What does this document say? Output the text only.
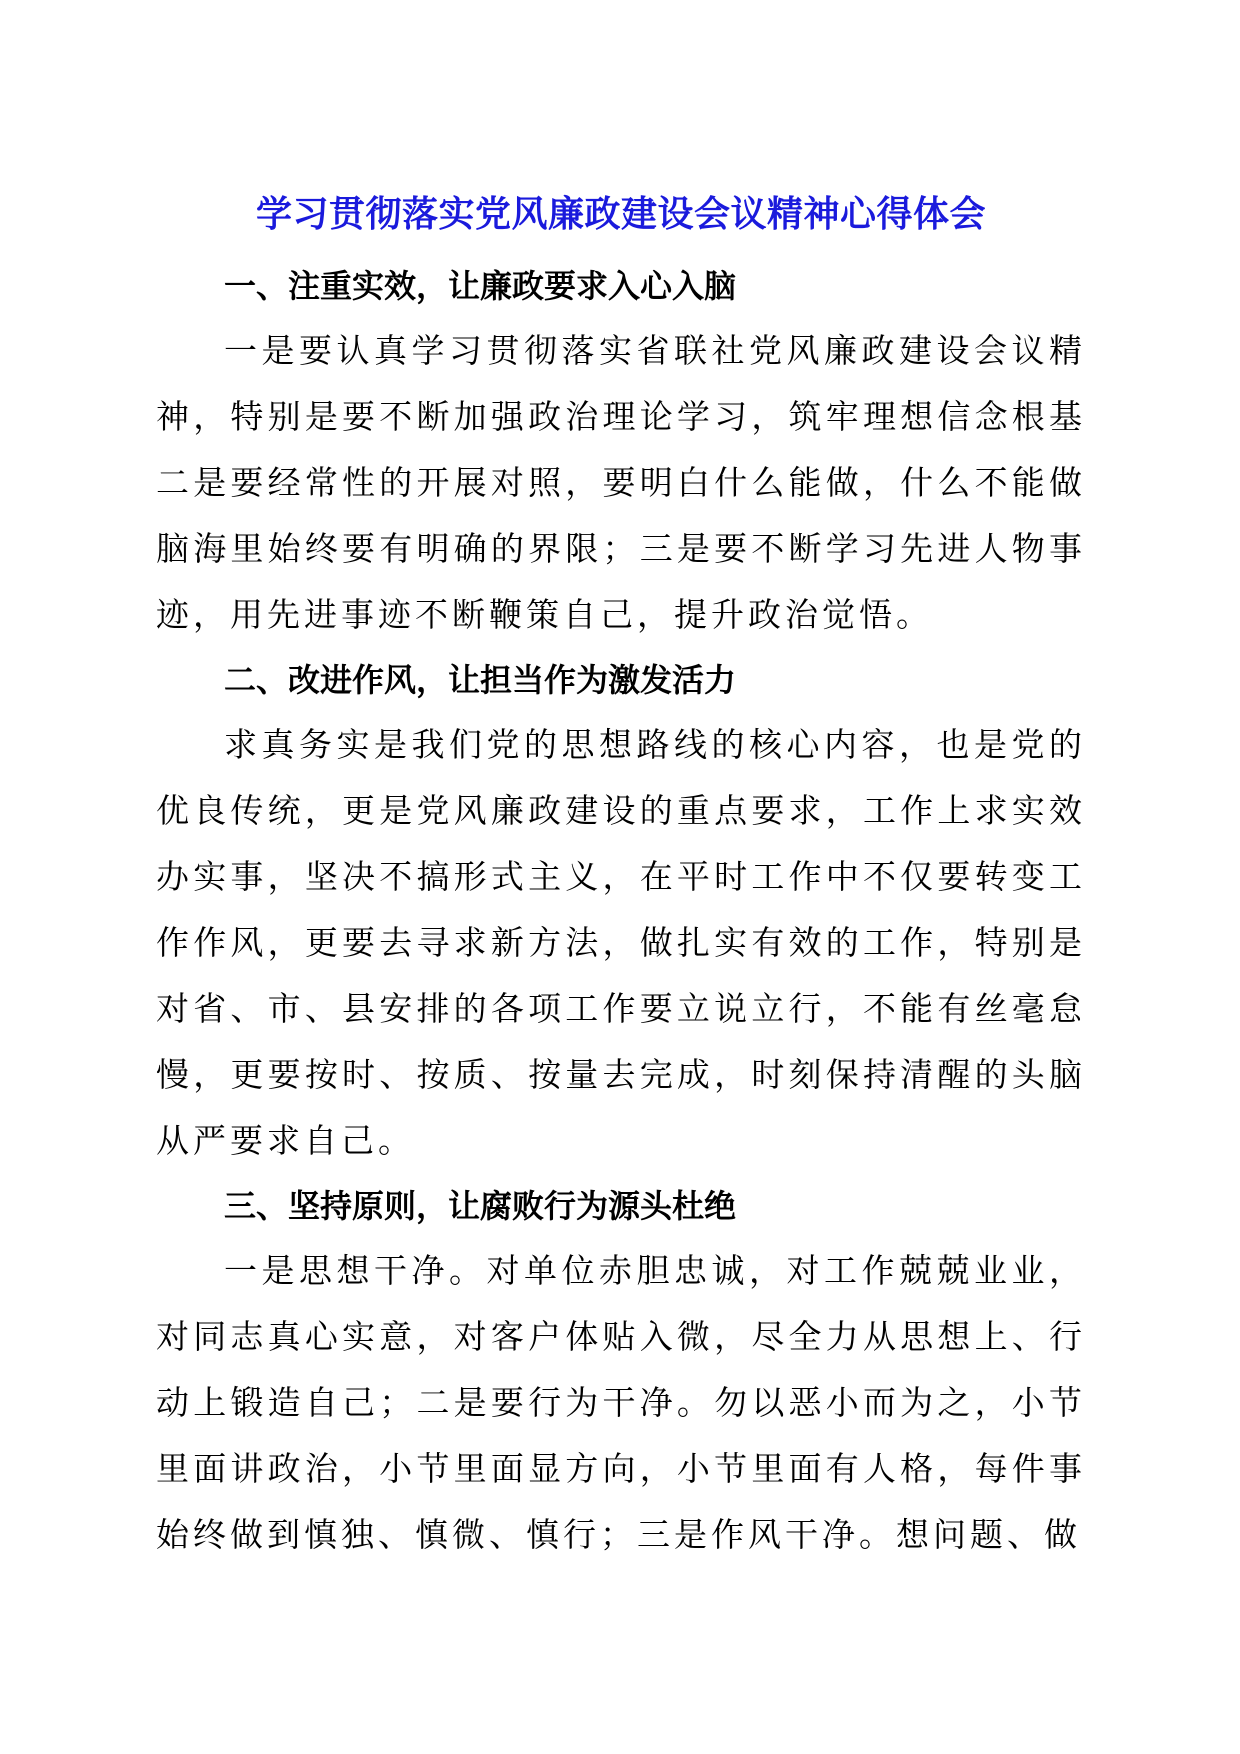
学习贯彻落实党风廉政建设会议精神心得体会

一、注重实效，让廉政要求入心入脑

一是要认真学习贯彻落实省联社党风廉政建设会议精神，特别是要不断加强政治理论学习，筑牢理想信念根基二是要经常性的开展对照，要明白什么能做，什么不能做脑海里始终要有明确的界限；三是要不断学习先进人物事迹，用先进事迹不断鞭策自己，提升政治觉悟。

二、改进作风，让担当作为激发活力

求真务实是我们党的思想路线的核心内容，也是党的优良传统，更是党风廉政建设的重点要求，工作上求实效办实事，坚决不搞形式主义，在平时工作中不仅要转变工作作风，更要去寻求新方法，做扎实有效的工作，特别是对省、市、县安排的各项工作要立说立行，不能有丝毫怠慢，更要按时、按质、按量去完成，时刻保持清醒的头脑从严要求自己。

三、坚持原则，让腐败行为源头杜绝

一是思想干净。对单位赤胆忠诚，对工作兢兢业业，对同志真心实意，对客户体贴入微，尽全力从思想上、行动上锻造自己；二是要行为干净。勿以恶小而为之，小节里面讲政治，小节里面显方向，小节里面有人格，每件事始终做到慎独、慎微、慎行；三是作风干净。想问题、做
